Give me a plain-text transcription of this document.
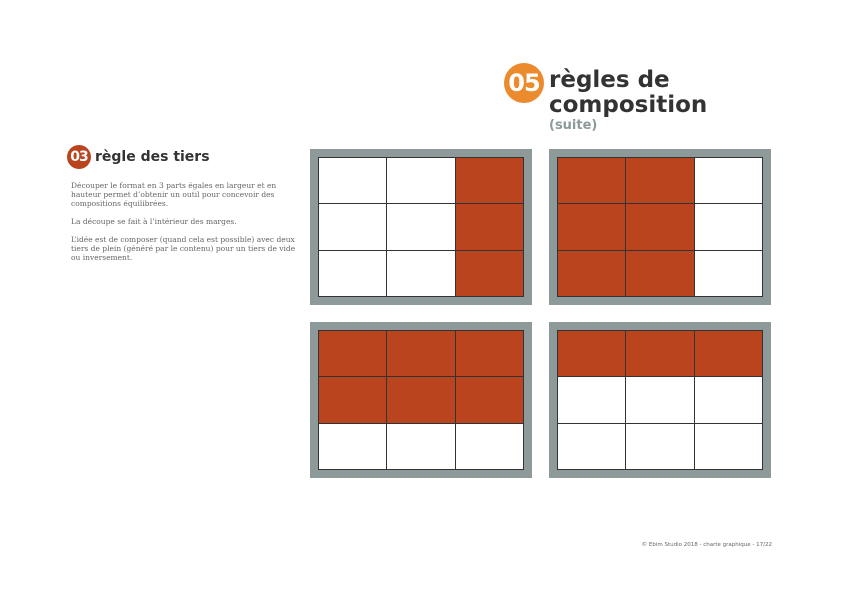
05 règles de composition
(suite)
03 règle des tiers

Découper le format en 3 parts égales en largeur et en hauteur permet d’obtenir un outil pour concevoir des compositions équilibrées.

La découpe se fait à l’intérieur des marges.

L’idée est de composer (quand cela est possible) avec deux tiers de plein (généré par le contenu) pour un tiers de vide ou inversement.

© Ebim Studio 2018 - charte graphique - 17/22
